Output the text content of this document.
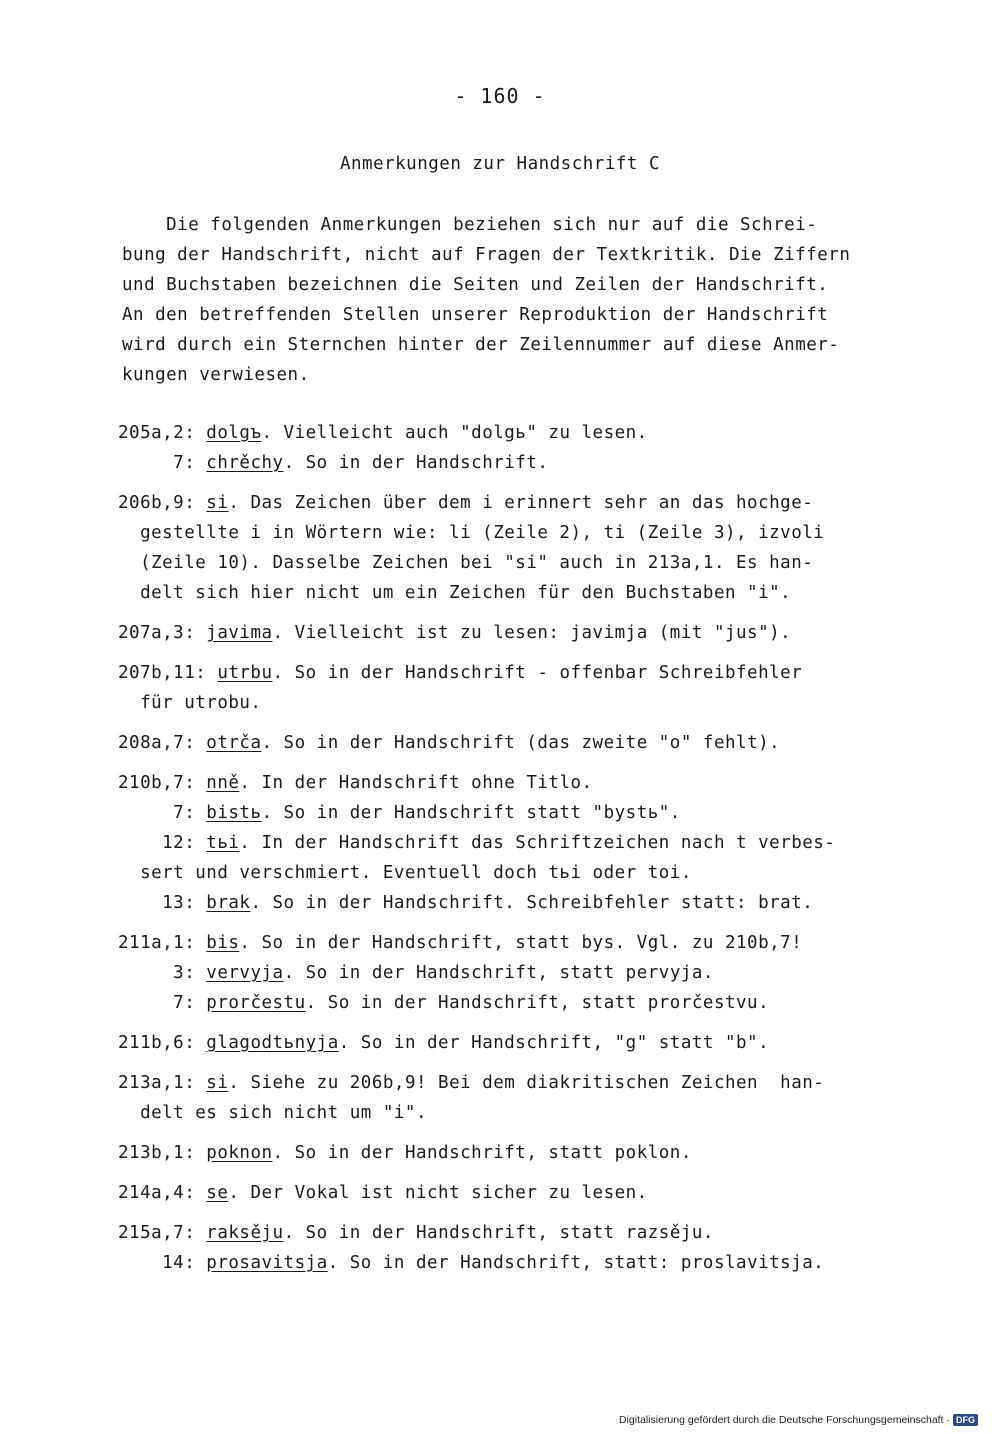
- 160 -
Anmerkungen zur Handschrift C
Die folgenden Anmerkungen beziehen sich nur auf die Schrei-
bung der Handschrift, nicht auf Fragen der Textkritik. Die Ziffern
und Buchstaben bezeichnen die Seiten und Zeilen der Handschrift.
An den betreffenden Stellen unserer Reproduktion der Handschrift
wird durch ein Sternchen hinter der Zeilennummer auf diese Anmer-
kungen verwiesen.
205a,2: dolgъ. Vielleicht auch "dolgь" zu lesen.
7: chrěchy. So in der Handschrift.
206b,9: si. Das Zeichen über dem i erinnert sehr an das hochge-
gestellte i in Wörtern wie: li (Zeile 2), ti (Zeile 3), izvoli
(Zeile 10). Dasselbe Zeichen bei "si" auch in 213a,1. Es han-
delt sich hier nicht um ein Zeichen für den Buchstaben "i".
207a,3: javima. Vielleicht ist zu lesen: javimja (mit "jus").
207b,11: utrbu. So in der Handschrift - offenbar Schreibfehler
für utrobu.
208a,7: otrča. So in der Handschrift (das zweite "o" fehlt).
210b,7: nně. In der Handschrift ohne Titlo.
7: bistь. So in der Handschrift statt "bystь".
12: tьi. In der Handschrift das Schriftzeichen nach t verbes-
sert und verschmiert. Eventuell doch tьi oder toi.
13: brak. So in der Handschrift. Schreibfehler statt: brat.
211a,1: bis. So in der Handschrift, statt bys. Vgl. zu 210b,7!
3: vervyja. So in der Handschrift, statt pervyja.
7: prorčestu. So in der Handschrift, statt prorčestvu.
211b,6: glagodtьnyja. So in der Handschrift, "g" statt "b".
213a,1: si. Siehe zu 206b,9! Bei dem diakritischen Zeichen  han-
delt es sich nicht um "i".
213b,1: poknon. So in der Handschrift, statt poklon.
214a,4: se. Der Vokal ist nicht sicher zu lesen.
215a,7: raksěju. So in der Handschrift, statt razsěju.
14: prosavitsja. So in der Handschrift, statt: proslavitsja.
Digitalisierung gefördert durch die Deutsche Forschungsgemeinschaft · DFG
